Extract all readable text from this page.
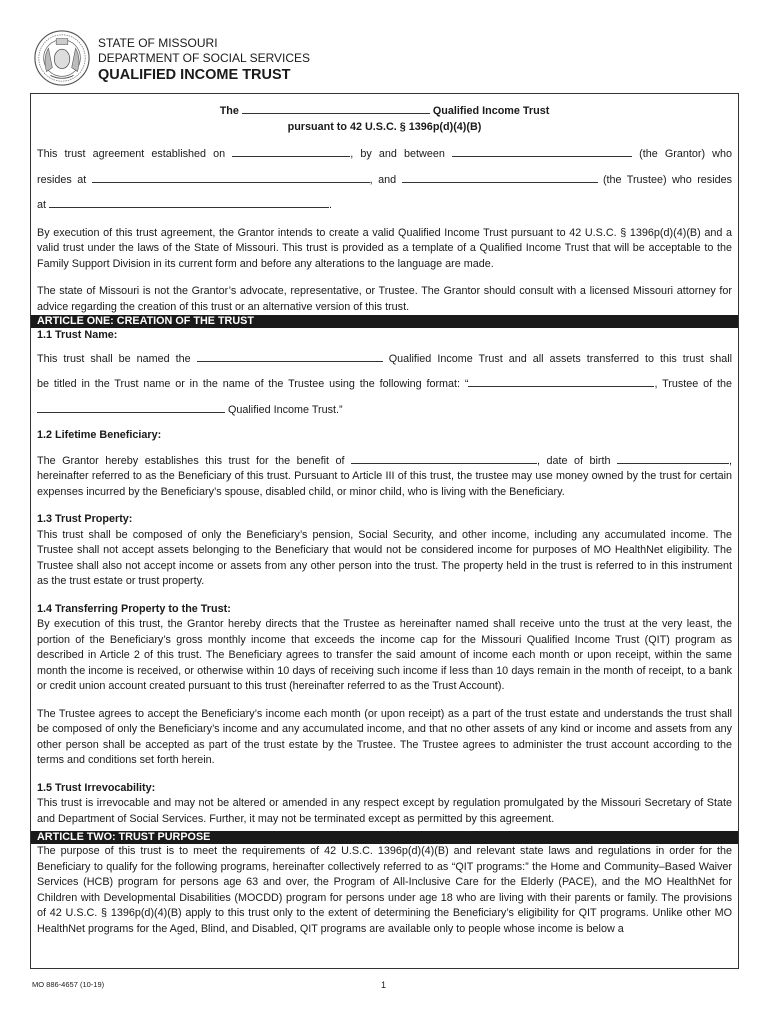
STATE OF MISSOURI
DEPARTMENT OF SOCIAL SERVICES
QUALIFIED INCOME TRUST
The	Qualified Income Trust
pursuant to 42 U.S.C. § 1396p(d)(4)(B)
This trust agreement established on	, by and between	(the Grantor) who
resides at	, and	(the Trustee) who resides
at	.

By execution of this trust agreement, the Grantor intends to create a valid Qualified Income Trust pursuant to 42 U.S.C. § 1396p(d)(4)(B) and a valid trust under the laws of the State of Missouri. This trust is provided as a template of a Qualified Income Trust that will be acceptable to the Family Support Division in its current form and before any alterations to the language are made.

The state of Missouri is not the Grantor’s advocate, representative, or Trustee. The Grantor should consult with a licensed Missouri attorney for advice regarding the creation of this trust or an alternative version of this trust.

ARTICLE ONE: CREATION OF THE TRUST
1.1 Trust Name:
This trust shall be named the	Qualified Income Trust and all assets transferred to this trust shall
be titled in the Trust name or in the name of the Trustee using the following format: “	, Trustee of the
Qualified Income Trust.”
1.2 Lifetime Beneficiary:
The Grantor hereby establishes this trust for the benefit of	, date of birth	,

hereinafter referred to as the Beneficiary of this trust. Pursuant to Article III of this trust, the trustee may use money owned by the trust for certain expenses incurred by the Beneficiary’s spouse, disabled child, or minor child, who is living with the Beneficiary.

1.3 Trust Property:

This trust shall be composed of only the Beneficiary’s pension, Social Security, and other income, including any accumulated income. The Trustee shall not accept assets belonging to the Beneficiary that would not be considered income for purposes of MO HealthNet eligibility. The Trustee shall also not accept income or assets from any other person into the trust. The property held in the trust is referred to in this instrument as the trust estate or trust property.

1.4 Transferring Property to the Trust:

By execution of this trust, the Grantor hereby directs that the Trustee as hereinafter named shall receive unto the trust at the very least, the portion of the Beneficiary’s gross monthly income that exceeds the income cap for the Missouri Qualified Income Trust (QIT) program as described in Article 2 of this trust. The Beneficiary agrees to transfer the said amount of income each month or upon receipt, within the same month the income is received, or otherwise within 10 days of receiving such income if less than 10 days remain in the month of receipt, to a bank or credit union account created pursuant to this trust (hereinafter referred to as the Trust Account).

The Trustee agrees to accept the Beneficiary’s income each month (or upon receipt) as a part of the trust estate and understands the trust shall be composed of only the Beneficiary’s income and any accumulated income, and that no other assets of any kind or income and assets from any other person shall be accepted as part of the trust estate by the Trustee. The Trustee agrees to administer the trust account according to the terms and conditions set forth herein.

1.5 Trust Irrevocability:

This trust is irrevocable and may not be altered or amended in any respect except by regulation promulgated by the Missouri Secretary of State and Department of Social Services. Further, it may not be terminated except as permitted by this agreement.

ARTICLE TWO: TRUST PURPOSE

The purpose of this trust is to meet the requirements of 42 U.S.C. 1396p(d)(4)(B) and relevant state laws and regulations in order for the Beneficiary to qualify for the following programs, hereinafter collectively referred to as “QIT programs:” the Home and Community–Based Waiver Services (HCB) program for persons age 63 and over, the Program of All-Inclusive Care for the Elderly (PACE), and the MO HealthNet for Children with Developmental Disabilities (MOCDD) program for persons under age 18 who are living with their parents or family. The provisions of 42 U.S.C. § 1396p(d)(4)(B) apply to this trust only to the extent of determining the Beneficiary’s eligibility for QIT programs. Unlike other MO HealthNet programs for the Aged, Blind, and Disabled, QIT programs are available only to people whose income is below a

MO 886-4657 (10-19)	1
